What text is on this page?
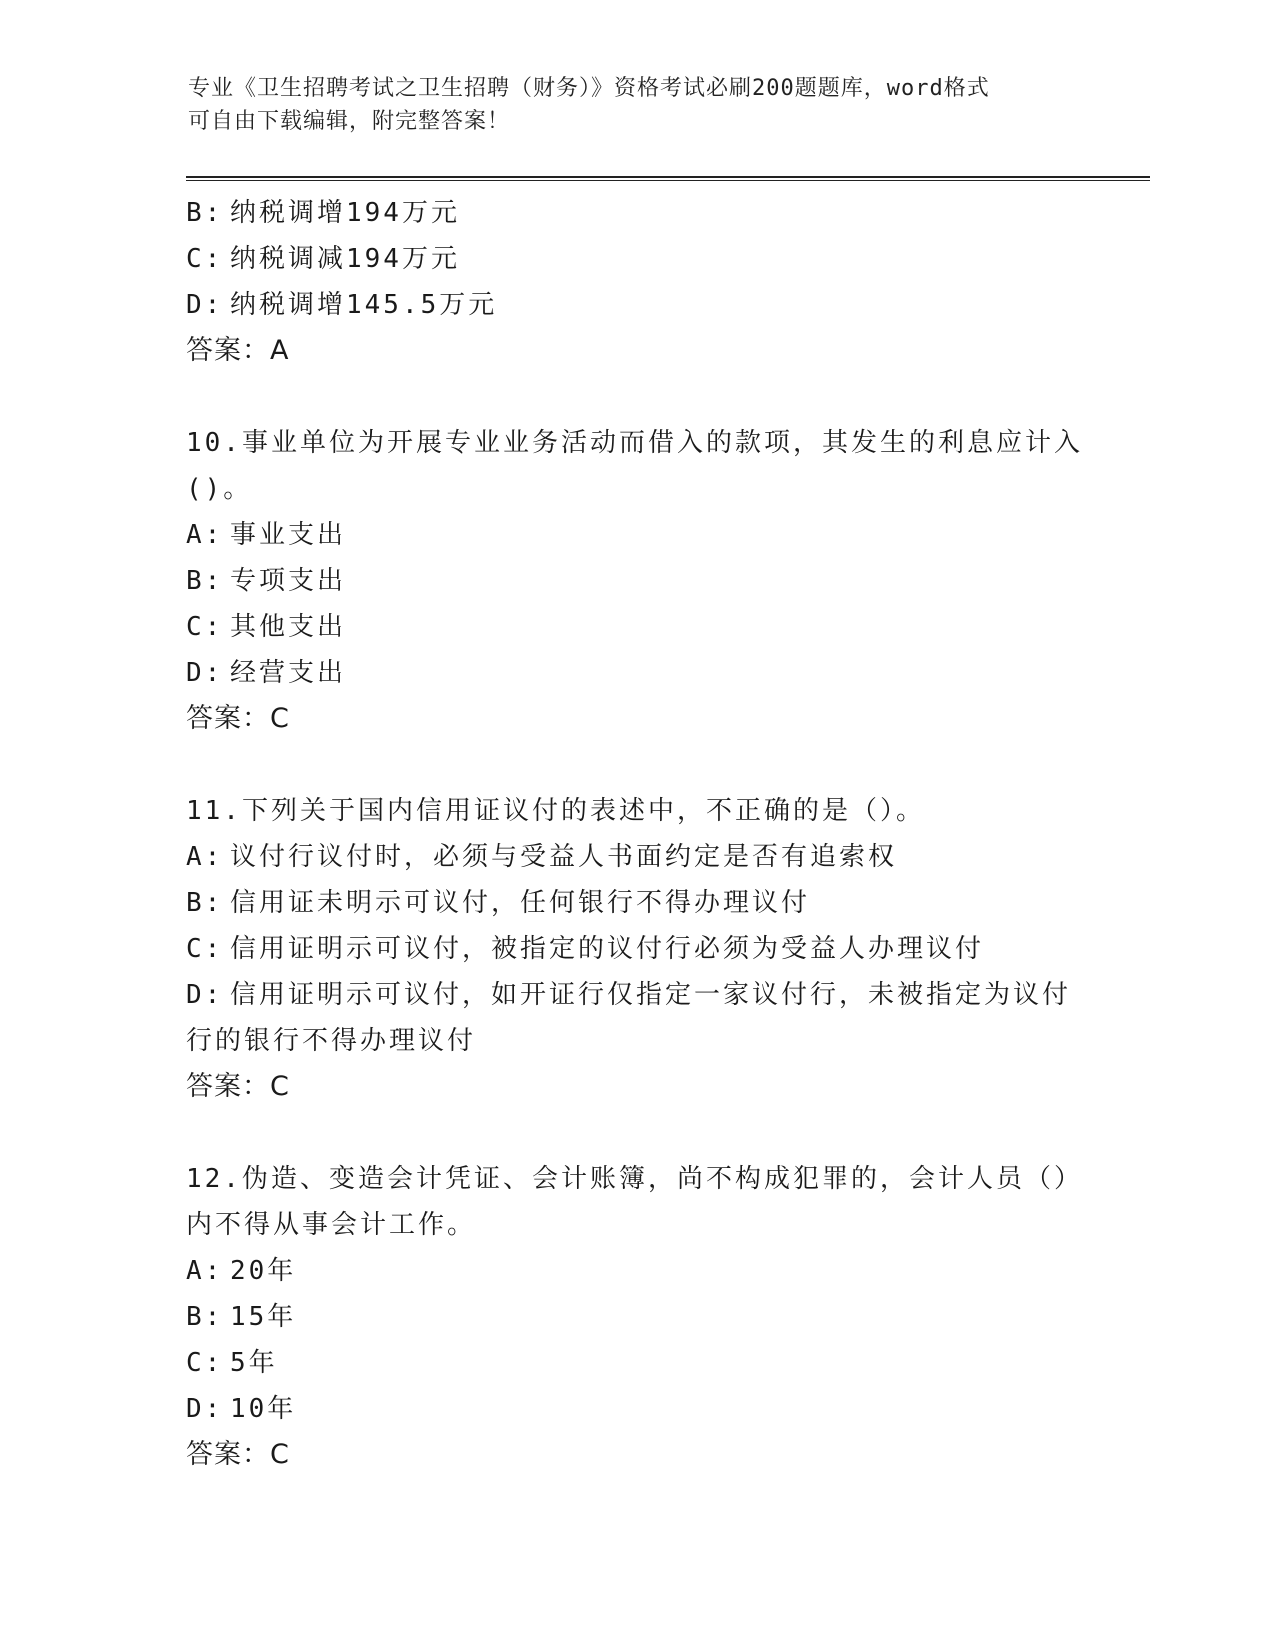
专业《卫生招聘考试之卫生招聘（财务）》资格考试必刷200题题库，word格式
可自由下载编辑，附完整答案！
B: 纳税调增194万元
C: 纳税调减194万元
D: 纳税调增145.5万元
答案：A
10.事业单位为开展专业业务活动而借入的款项，其发生的利息应计入
()。
A: 事业支出
B: 专项支出
C: 其他支出
D: 经营支出
答案：C
11.下列关于国内信用证议付的表述中，不正确的是（）。
A: 议付行议付时，必须与受益人书面约定是否有追索权
B: 信用证未明示可议付，任何银行不得办理议付
C: 信用证明示可议付，被指定的议付行必须为受益人办理议付
D: 信用证明示可议付，如开证行仅指定一家议付行，未被指定为议付
行的银行不得办理议付
答案：C
12.伪造、变造会计凭证、会计账簿，尚不构成犯罪的，会计人员（）
内不得从事会计工作。
A: 20年
B: 15年
C: 5年
D: 10年
答案：C
